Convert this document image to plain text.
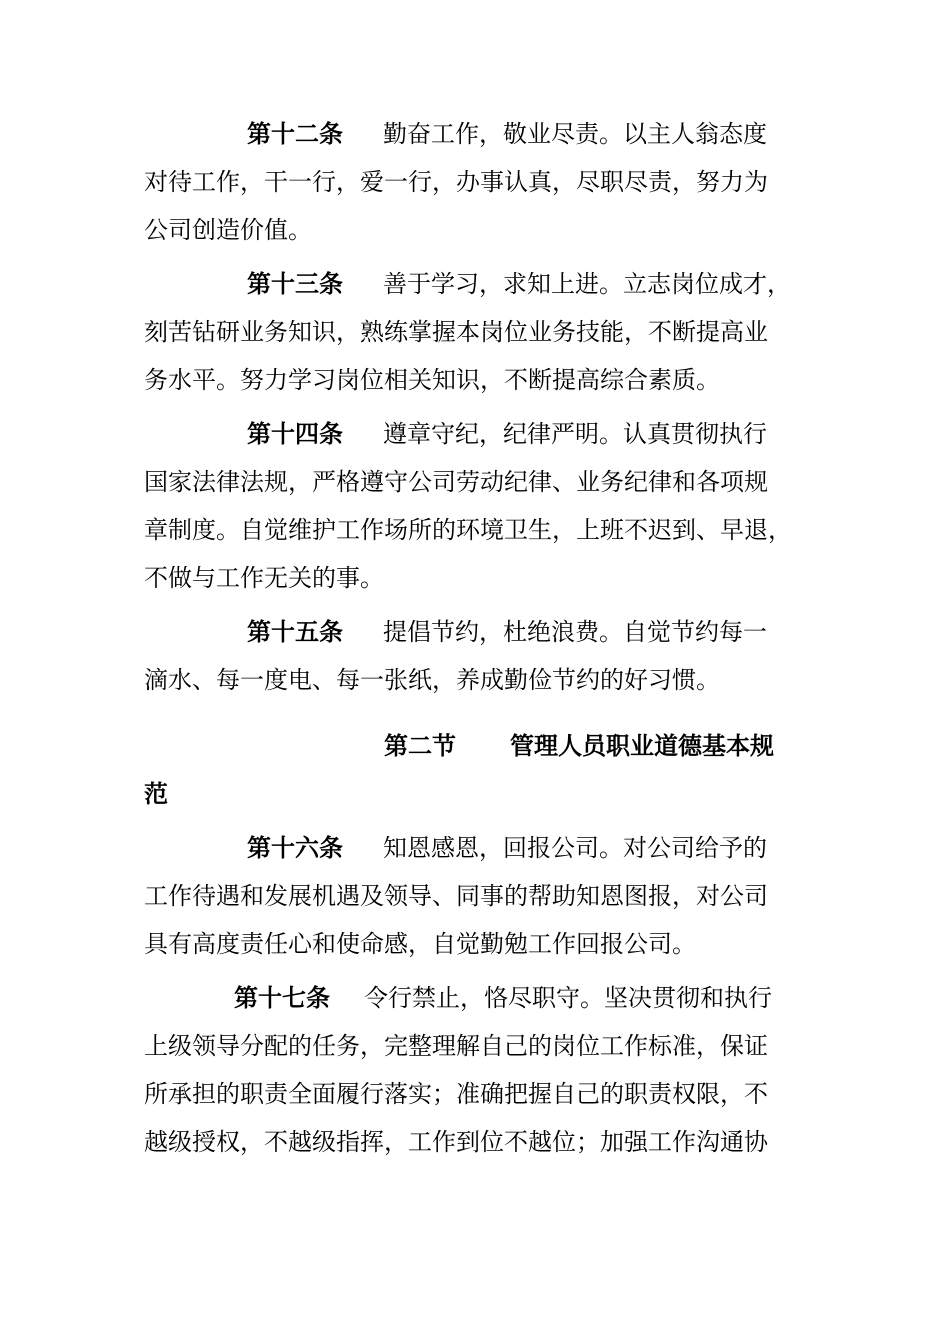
第十二条 勤奋工作，敬业尽责。以主人翁态度
对待工作，干一行，爱一行，办事认真，尽职尽责，努力为
公司创造价值。
第十三条 善于学习，求知上进。立志岗位成才，
刻苦钻研业务知识，熟练掌握本岗位业务技能，不断提高业
务水平。努力学习岗位相关知识，不断提高综合素质。
第十四条 遵章守纪，纪律严明。认真贯彻执行
国家法律法规，严格遵守公司劳动纪律、业务纪律和各项规
章制度。自觉维护工作场所的环境卫生，上班不迟到、早退，
不做与工作无关的事。
第十五条 提倡节约，杜绝浪费。自觉节约每一
滴水、每一度电、每一张纸，养成勤俭节约的好习惯。
第二节 管理人员职业道德基本规
范
第十六条 知恩感恩，回报公司。对公司给予的
工作待遇和发展机遇及领导、同事的帮助知恩图报，对公司
具有高度责任心和使命感，自觉勤勉工作回报公司。
第十七条 令行禁止，恪尽职守。坚决贯彻和执行
上级领导分配的任务，完整理解自己的岗位工作标准，保证
所承担的职责全面履行落实；准确把握自己的职责权限，不
越级授权，不越级指挥，工作到位不越位；加强工作沟通协
